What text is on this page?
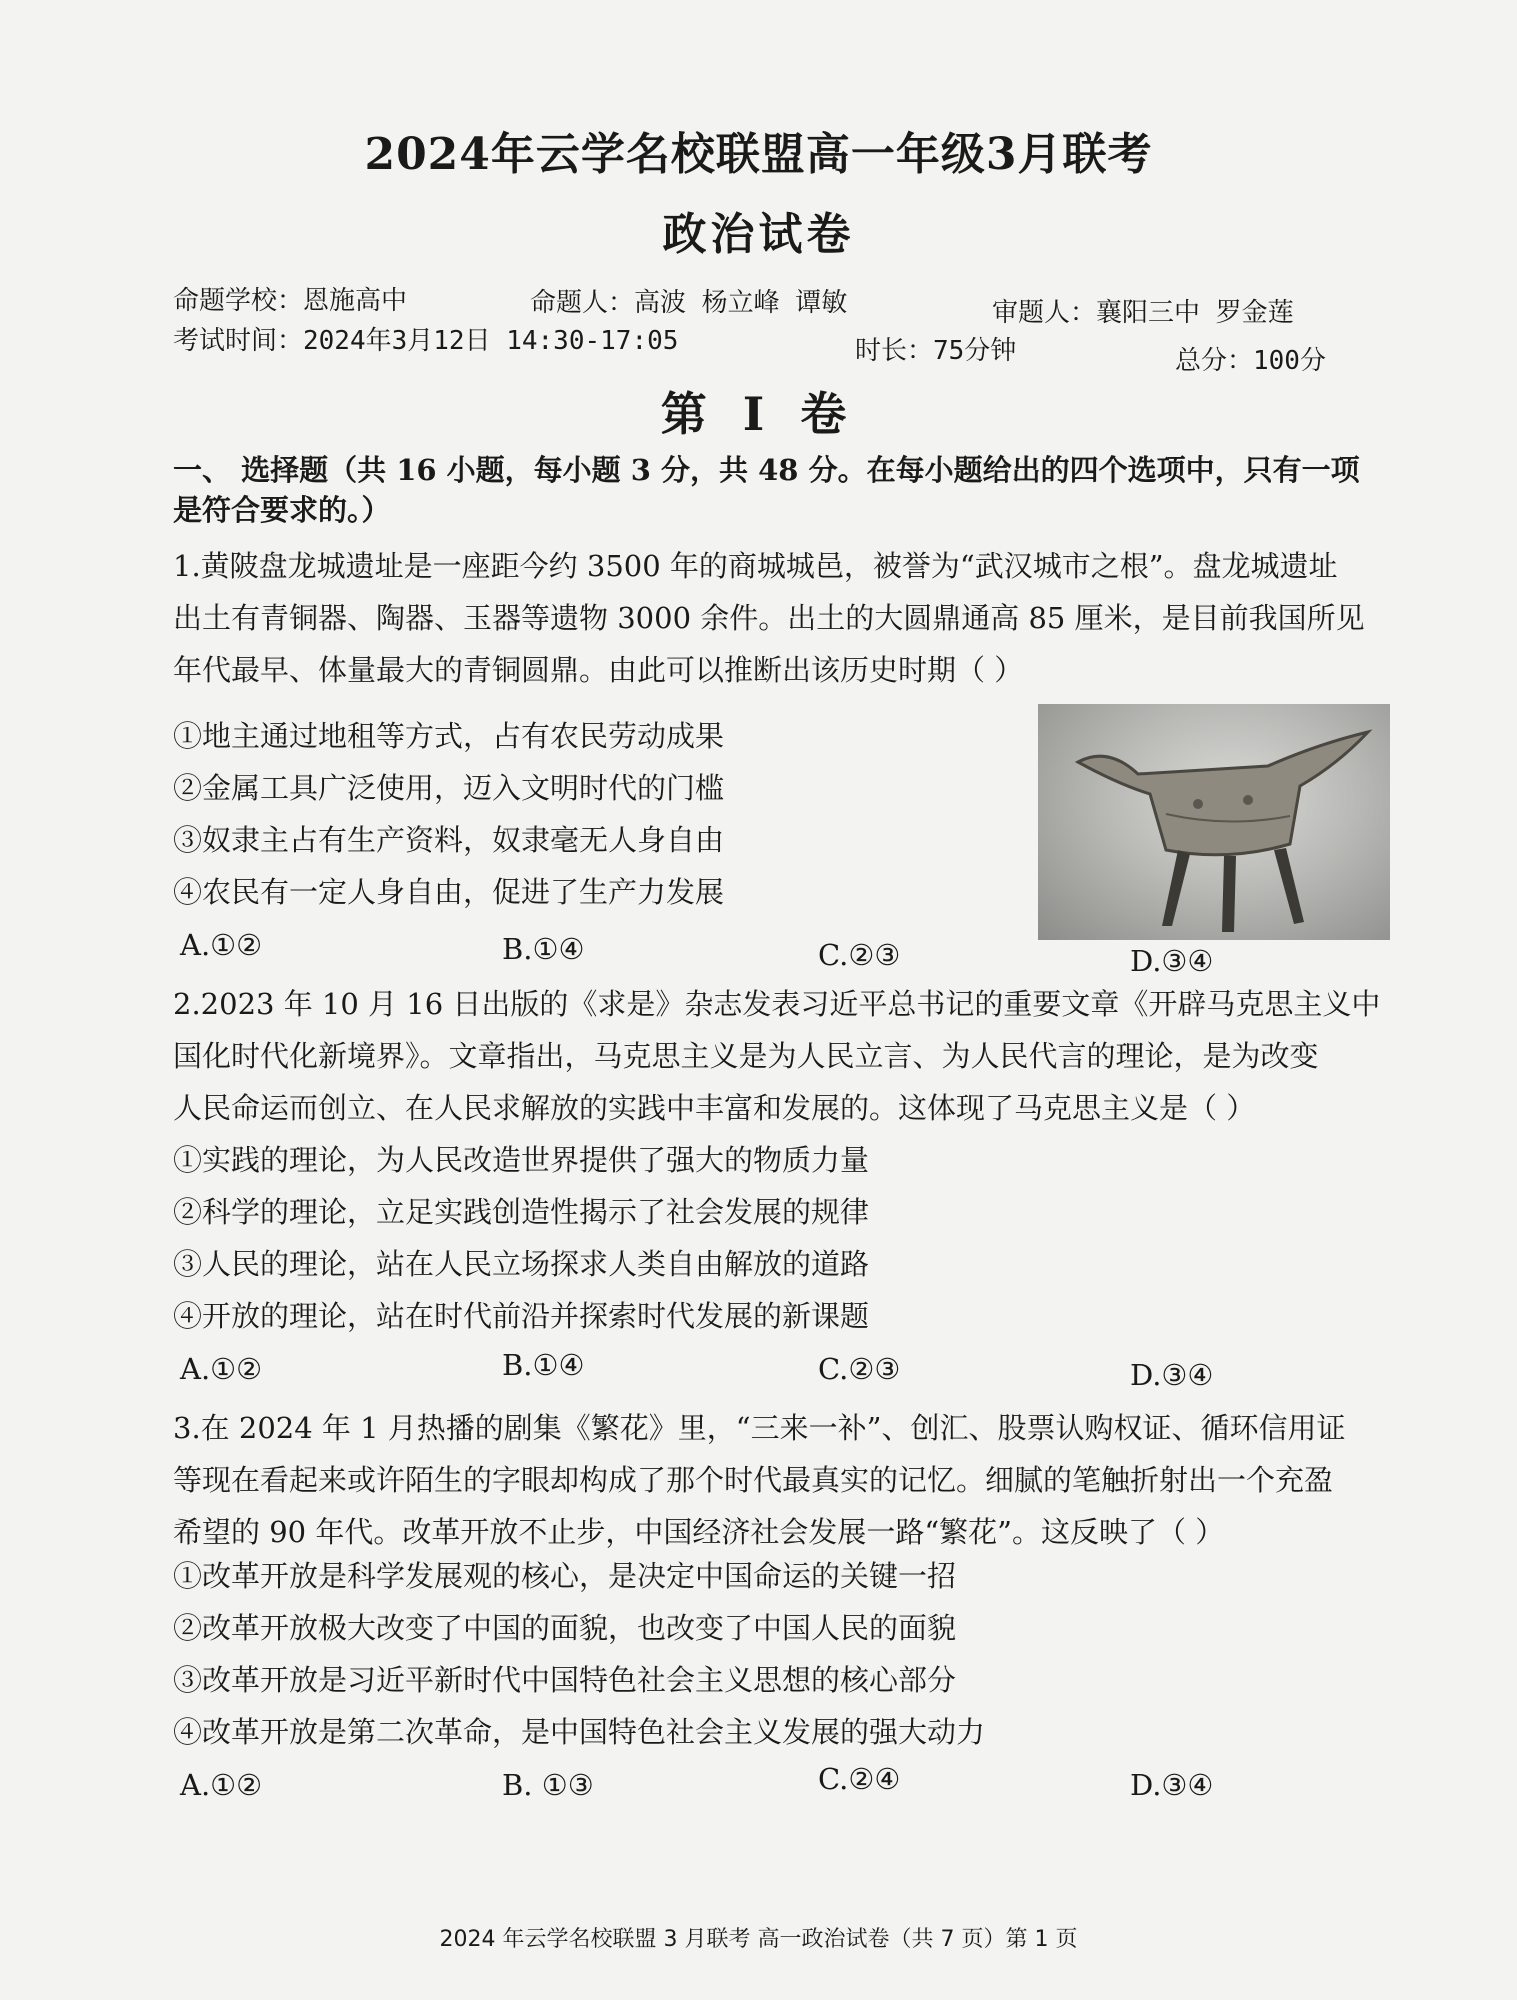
2024年云学名校联盟高一年级3月联考
政治试卷
命题学校：恩施高中	命题人：高波 杨立峰 谭敏	审题人：襄阳三中 罗金莲
考试时间：2024年3月12日 14:30-17:05	时长：75分钟	总分：100分
第 I 卷
一、 选择题（共 16 小题，每小题 3 分，共 48 分。在每小题给出的四个选项中，只有一项
是符合要求的。）
1.黄陂盘龙城遗址是一座距今约 3500 年的商城城邑，被誉为“武汉城市之根”。盘龙城遗址
出土有青铜器、陶器、玉器等遗物 3000 余件。出土的大圆鼎通高 85 厘米，是目前我国所见
年代最早、体量最大的青铜圆鼎。由此可以推断出该历史时期（ ）
①地主通过地租等方式，占有农民劳动成果
②金属工具广泛使用，迈入文明时代的门槛
③奴隶主占有生产资料，奴隶毫无人身自由
④农民有一定人身自由，促进了生产力发展
A.①②	B.①④	C.②③	D.③④
2.2023 年 10 月 16 日出版的《求是》杂志发表习近平总书记的重要文章《开辟马克思主义中
国化时代化新境界》。文章指出，马克思主义是为人民立言、为人民代言的理论，是为改变
人民命运而创立、在人民求解放的实践中丰富和发展的。这体现了马克思主义是（ ）
①实践的理论，为人民改造世界提供了强大的物质力量
②科学的理论，立足实践创造性揭示了社会发展的规律
③人民的理论，站在人民立场探求人类自由解放的道路
④开放的理论，站在时代前沿并探索时代发展的新课题
A.①②	B.①④	C.②③	D.③④
3.在 2024 年 1 月热播的剧集《繁花》里，“三来一补”、创汇、股票认购权证、循环信用证
等现在看起来或许陌生的字眼却构成了那个时代最真实的记忆。细腻的笔触折射出一个充盈
希望的 90 年代。改革开放不止步，中国经济社会发展一路“繁花”。这反映了（ ）
①改革开放是科学发展观的核心，是决定中国命运的关键一招
②改革开放极大改变了中国的面貌，也改变了中国人民的面貌
③改革开放是习近平新时代中国特色社会主义思想的核心部分
④改革开放是第二次革命，是中国特色社会主义发展的强大动力
A.①②	B. ①③	C.②④	D.③④
2024 年云学名校联盟 3 月联考 高一政治试卷（共 7 页）第 1 页
